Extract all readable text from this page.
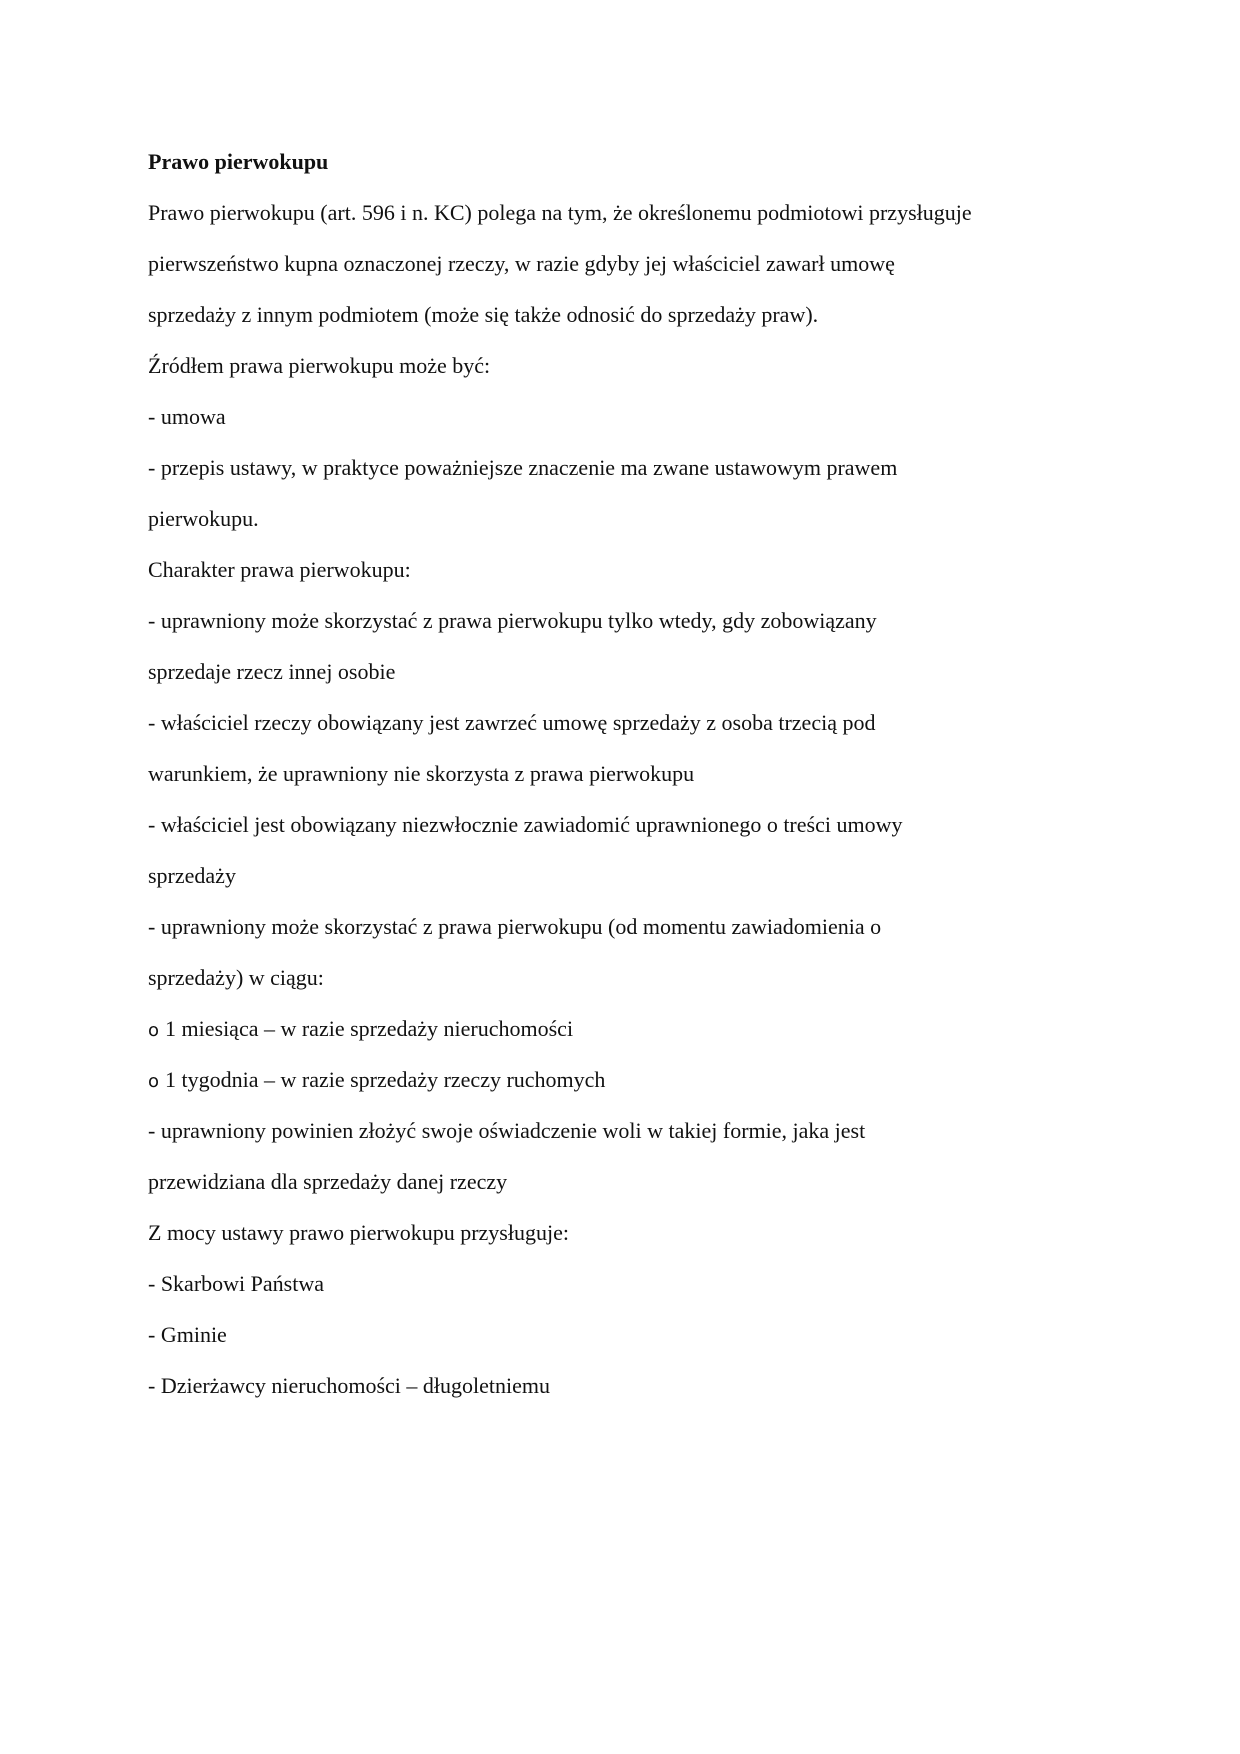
Prawo pierwokupu
Prawo pierwokupu (art. 596 i n. KC) polega na tym, że określonemu podmiotowi przysługuje
pierwszeństwo kupna oznaczonej rzeczy, w razie gdyby jej właściciel zawarł umowę
sprzedaży z innym podmiotem (może się także odnosić do sprzedaży praw).
Źródłem prawa pierwokupu może być:
- umowa
- przepis ustawy, w praktyce poważniejsze znaczenie ma zwane ustawowym prawem
pierwokupu.
Charakter prawa pierwokupu:
- uprawniony może skorzystać z prawa pierwokupu tylko wtedy, gdy zobowiązany
sprzedaje rzecz innej osobie
- właściciel rzeczy obowiązany jest zawrzeć umowę sprzedaży z osoba trzecią pod
warunkiem, że uprawniony nie skorzysta z prawa pierwokupu
- właściciel jest obowiązany niezwłocznie zawiadomić uprawnionego o treści umowy
sprzedaży
- uprawniony może skorzystać z prawa pierwokupu (od momentu zawiadomienia o
sprzedaży) w ciągu:
o 1 miesiąca – w razie sprzedaży nieruchomości
o 1 tygodnia – w razie sprzedaży rzeczy ruchomych
- uprawniony powinien złożyć swoje oświadczenie woli w takiej formie, jaka jest
przewidziana dla sprzedaży danej rzeczy
Z mocy ustawy prawo pierwokupu przysługuje:
- Skarbowi Państwa
- Gminie
- Dzierżawcy nieruchomości – długoletniemu
